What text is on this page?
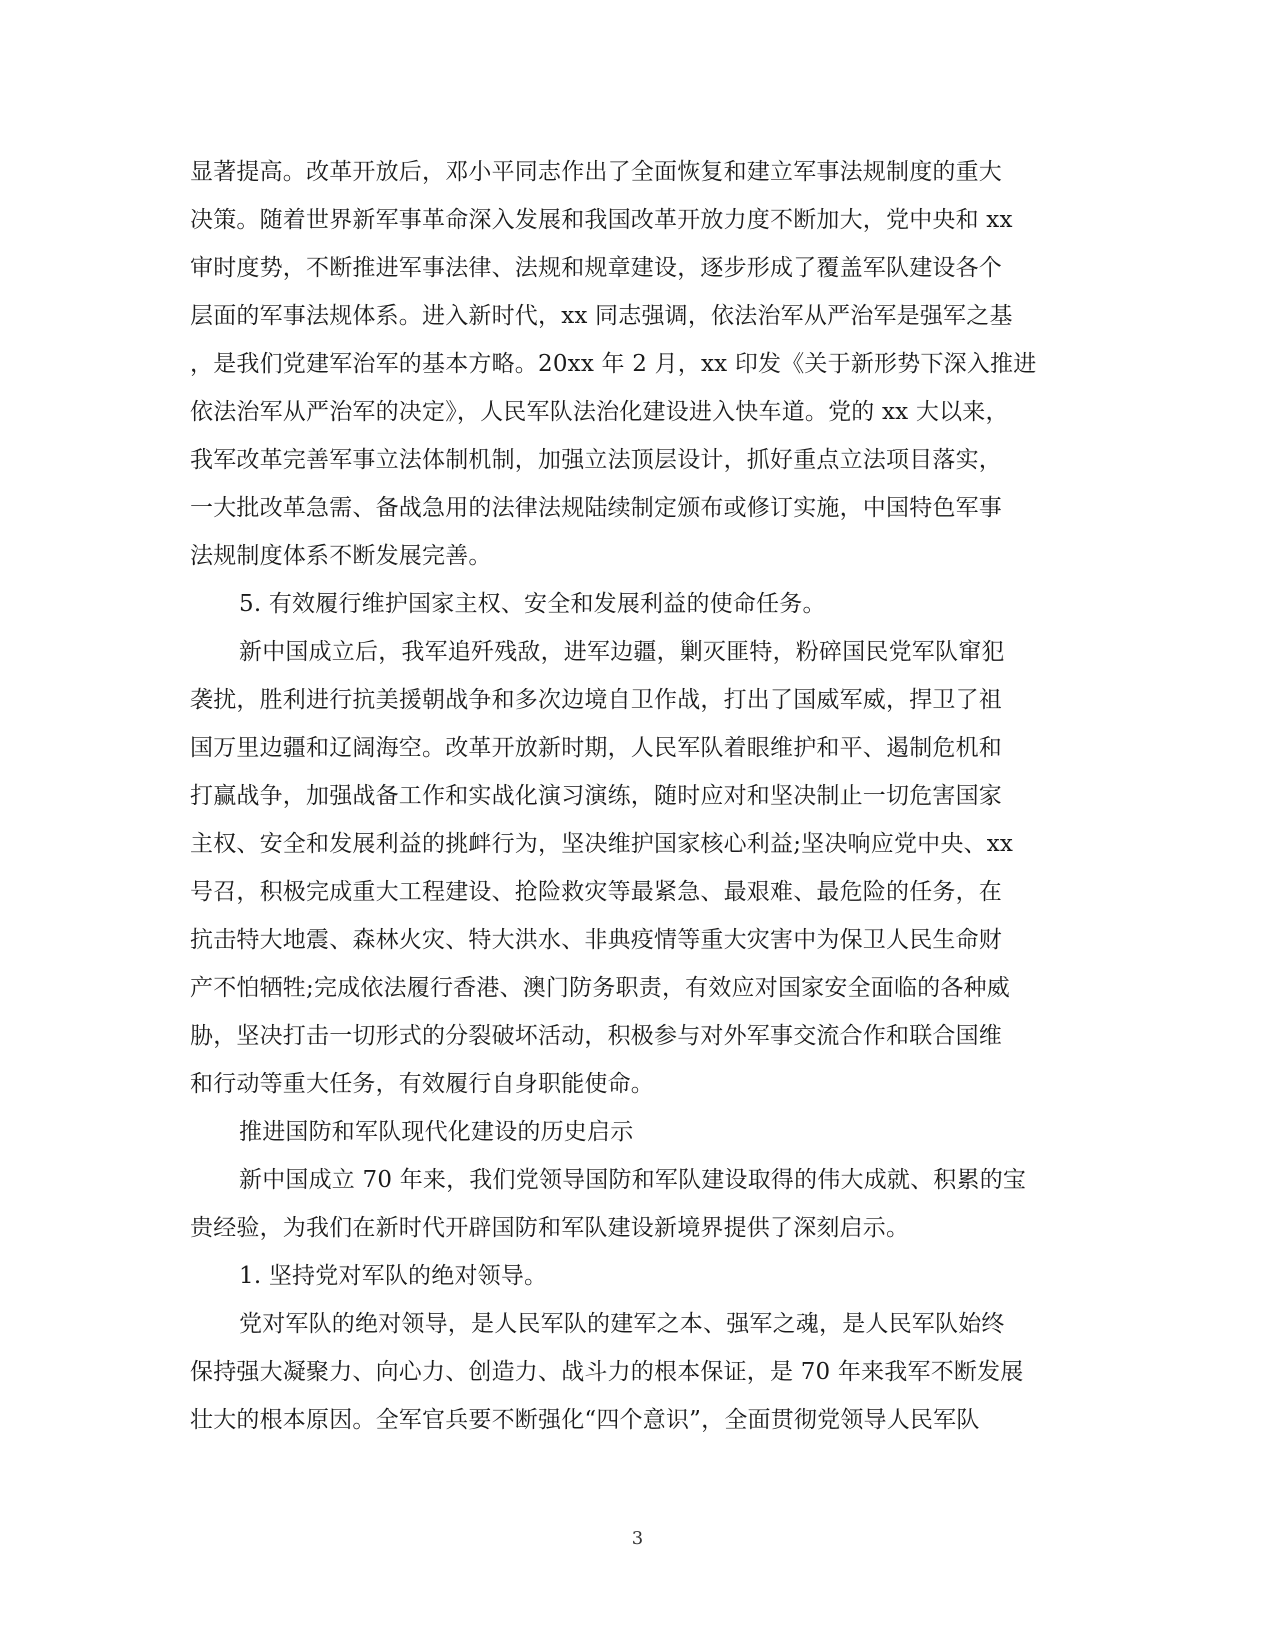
显著提高。改革开放后，邓小平同志作出了全面恢复和建立军事法规制度的重大
决策。随着世界新军事革命深入发展和我国改革开放力度不断加大，党中央和 xx
审时度势，不断推进军事法律、法规和规章建设，逐步形成了覆盖军队建设各个
层面的军事法规体系。进入新时代，xx 同志强调，依法治军从严治军是强军之基
，是我们党建军治军的基本方略。20xx 年 2 月，xx 印发《关于新形势下深入推进
依法治军从严治军的决定》，人民军队法治化建设进入快车道。党的 xx 大以来，
我军改革完善军事立法体制机制，加强立法顶层设计，抓好重点立法项目落实，
一大批改革急需、备战急用的法律法规陆续制定颁布或修订实施，中国特色军事
法规制度体系不断发展完善。
5. 有效履行维护国家主权、安全和发展利益的使命任务。
新中国成立后，我军追歼残敌，进军边疆，剿灭匪特，粉碎国民党军队窜犯
袭扰，胜利进行抗美援朝战争和多次边境自卫作战，打出了国威军威，捍卫了祖
国万里边疆和辽阔海空。改革开放新时期，人民军队着眼维护和平、遏制危机和
打赢战争，加强战备工作和实战化演习演练，随时应对和坚决制止一切危害国家
主权、安全和发展利益的挑衅行为，坚决维护国家核心利益;坚决响应党中央、xx
号召，积极完成重大工程建设、抢险救灾等最紧急、最艰难、最危险的任务，在
抗击特大地震、森林火灾、特大洪水、非典疫情等重大灾害中为保卫人民生命财
产不怕牺牲;完成依法履行香港、澳门防务职责，有效应对国家安全面临的各种威
胁，坚决打击一切形式的分裂破坏活动，积极参与对外军事交流合作和联合国维
和行动等重大任务，有效履行自身职能使命。
推进国防和军队现代化建设的历史启示
新中国成立 70 年来，我们党领导国防和军队建设取得的伟大成就、积累的宝
贵经验，为我们在新时代开辟国防和军队建设新境界提供了深刻启示。
1. 坚持党对军队的绝对领导。
党对军队的绝对领导，是人民军队的建军之本、强军之魂，是人民军队始终
保持强大凝聚力、向心力、创造力、战斗力的根本保证，是 70 年来我军不断发展
壮大的根本原因。全军官兵要不断强化“四个意识”，全面贯彻党领导人民军队
3
